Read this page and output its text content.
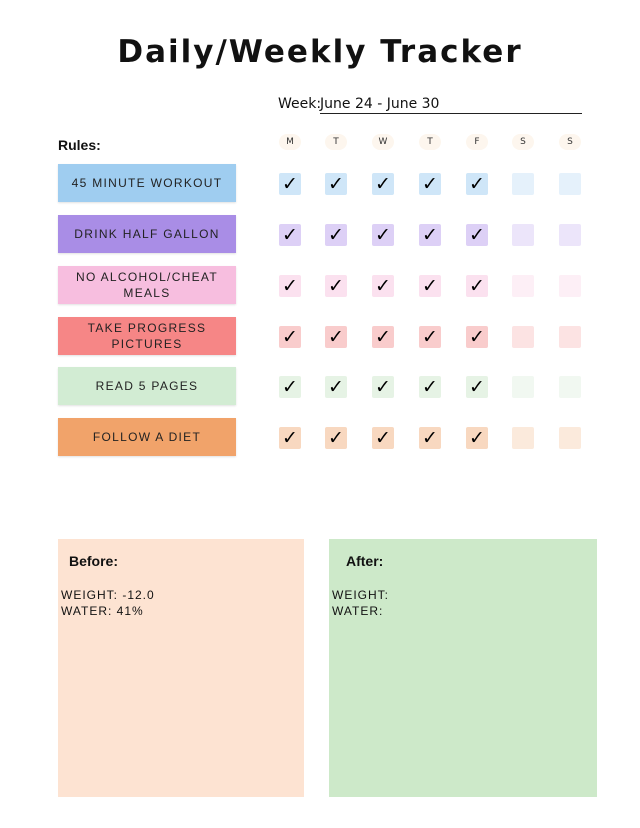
Daily/Weekly Tracker
Week:
June 24 - June 30
Rules:	M	T	W	T	F	S	S
45 MINUTE WORKOUT	✓ ✓ ✓ ✓ ✓
DRINK HALF GALLON	✓ ✓ ✓ ✓ ✓
NO ALCOHOL/CHEAT MEALS	✓ ✓ ✓ ✓ ✓
TAKE PROGRESS PICTURES	✓ ✓ ✓ ✓ ✓
READ 5 PAGES	✓ ✓ ✓ ✓ ✓
FOLLOW A DIET	✓ ✓ ✓ ✓ ✓
Before:
WEIGHT: -12.0
WATER: 41%
After:
WEIGHT:
WATER:
